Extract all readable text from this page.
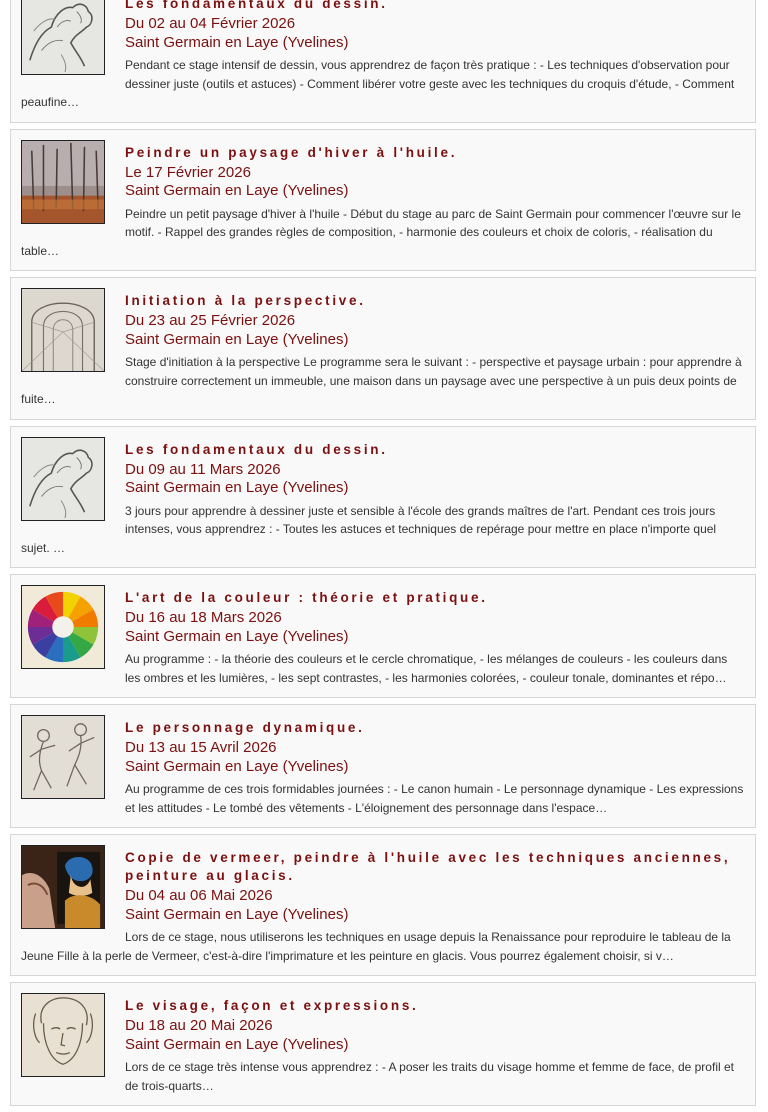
Les fondamentaux du dessin.
Du 02 au 04 Février 2026
Saint Germain en Laye (Yvelines)
Pendant ce stage intensif de dessin, vous apprendrez de façon très pratique : - Les techniques d'observation pour dessiner juste (outils et astuces) - Comment libérer votre geste avec les techniques du croquis d'étude, - Comment peaufine…
Peindre un paysage d'hiver à l'huile.
Le 17 Février 2026
Saint Germain en Laye (Yvelines)
Peindre un petit paysage d'hiver à l'huile - Début du stage au parc de Saint Germain pour commencer l'œuvre sur le motif. - Rappel des grandes règles de composition, - harmonie des couleurs et choix de coloris, - réalisation du table…
Initiation à la perspective.
Du 23 au 25 Février 2026
Saint Germain en Laye (Yvelines)
Stage d'initiation à la perspective Le programme sera le suivant : - perspective et paysage urbain : pour apprendre à construire correctement un immeuble, une maison dans un paysage avec une perspective à un puis deux points de fuite…
Les fondamentaux du dessin.
Du 09 au 11 Mars 2026
Saint Germain en Laye (Yvelines)
3 jours pour apprendre à dessiner juste et sensible à l'école des grands maîtres de l'art. Pendant ces trois jours intenses, vous apprendrez : - Toutes les astuces et techniques de repérage pour mettre en place n'importe quel sujet. …
L'art de la couleur : théorie et pratique.
Du 16 au 18 Mars 2026
Saint Germain en Laye (Yvelines)
Au programme : - la théorie des couleurs et le cercle chromatique, - les mélanges de couleurs - les couleurs dans les ombres et les lumières, - les sept contrastes, - les harmonies colorées, - couleur tonale, dominantes et répo…
Le personnage dynamique.
Du 13 au 15 Avril 2026
Saint Germain en Laye (Yvelines)
Au programme de ces trois formidables journées : - Le canon humain - Le personnage dynamique - Les expressions et les attitudes - Le tombé des vêtements - L'éloignement des personnage dans l'espace…
Copie de vermeer, peindre à l'huile avec les techniques anciennes, peinture au glacis.
Du 04 au 06 Mai 2026
Saint Germain en Laye (Yvelines)
Lors de ce stage, nous utiliserons les techniques en usage depuis la Renaissance pour reproduire le tableau de la Jeune Fille à la perle de Vermeer, c'est-à-dire l'imprimature et les peinture en glacis. Vous pourrez également choisir, si v…
Le visage, façon et expressions.
Du 18 au 20 Mai 2026
Saint Germain en Laye (Yvelines)
Lors de ce stage très intense vous apprendrez : - A poser les traits du visage homme et femme de face, de profil et de trois-quarts…
